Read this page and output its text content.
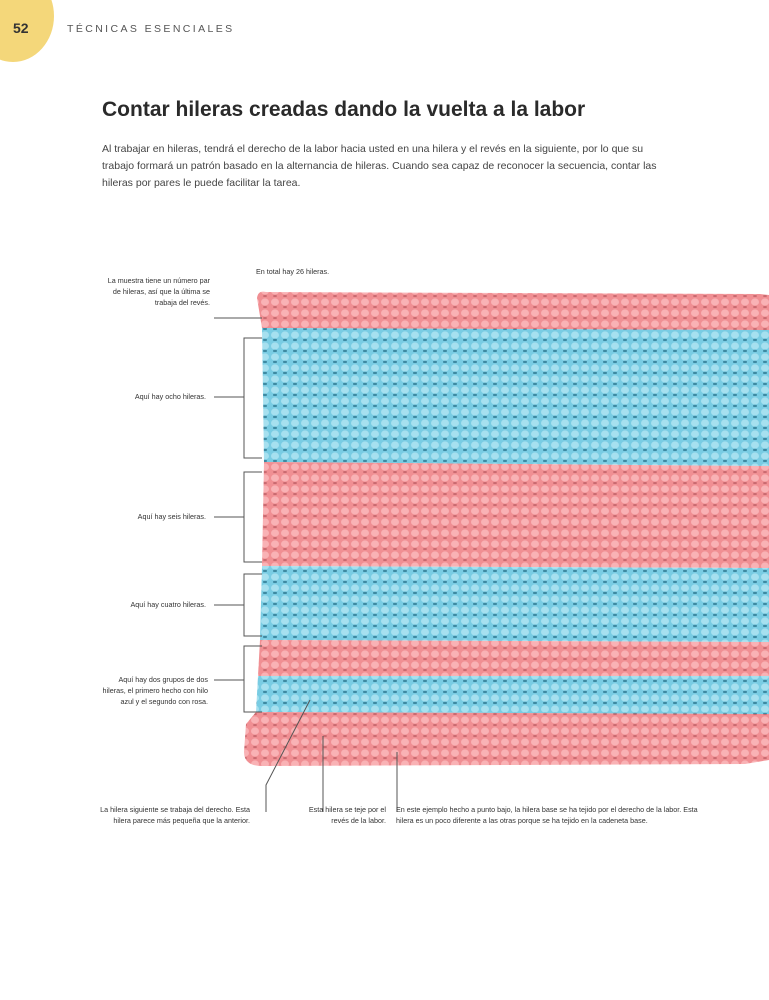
52	TÉCNICAS ESENCIALES
Contar hileras creadas dando la vuelta a la labor

Al trabajar en hileras, tendrá el derecho de la labor hacia usted en una hilera y el revés en la siguiente, por lo que su trabajo formará un patrón basado en la alternancia de hileras. Cuando sea capaz de reconocer la secuencia, contar las hileras por pares le puede facilitar la tarea.

En total hay 26 hileras.

La muestra tiene un número par de hileras, así que la última se trabaja del revés.

Aquí hay ocho hileras.

Aquí hay seis hileras.

Aquí hay cuatro hileras.

Aquí hay dos grupos de dos hileras, el primero hecho con hilo azul y el segundo con rosa.

La hilera siguiente se trabaja del derecho. Esta hilera parece más pequeña que la anterior.

Esta hilera se teje por el revés de la labor.

En este ejemplo hecho a punto bajo, la hilera base se ha tejido por el derecho de la labor. Esta hilera es un poco diferente a las otras porque se ha tejido en la cadeneta base.
